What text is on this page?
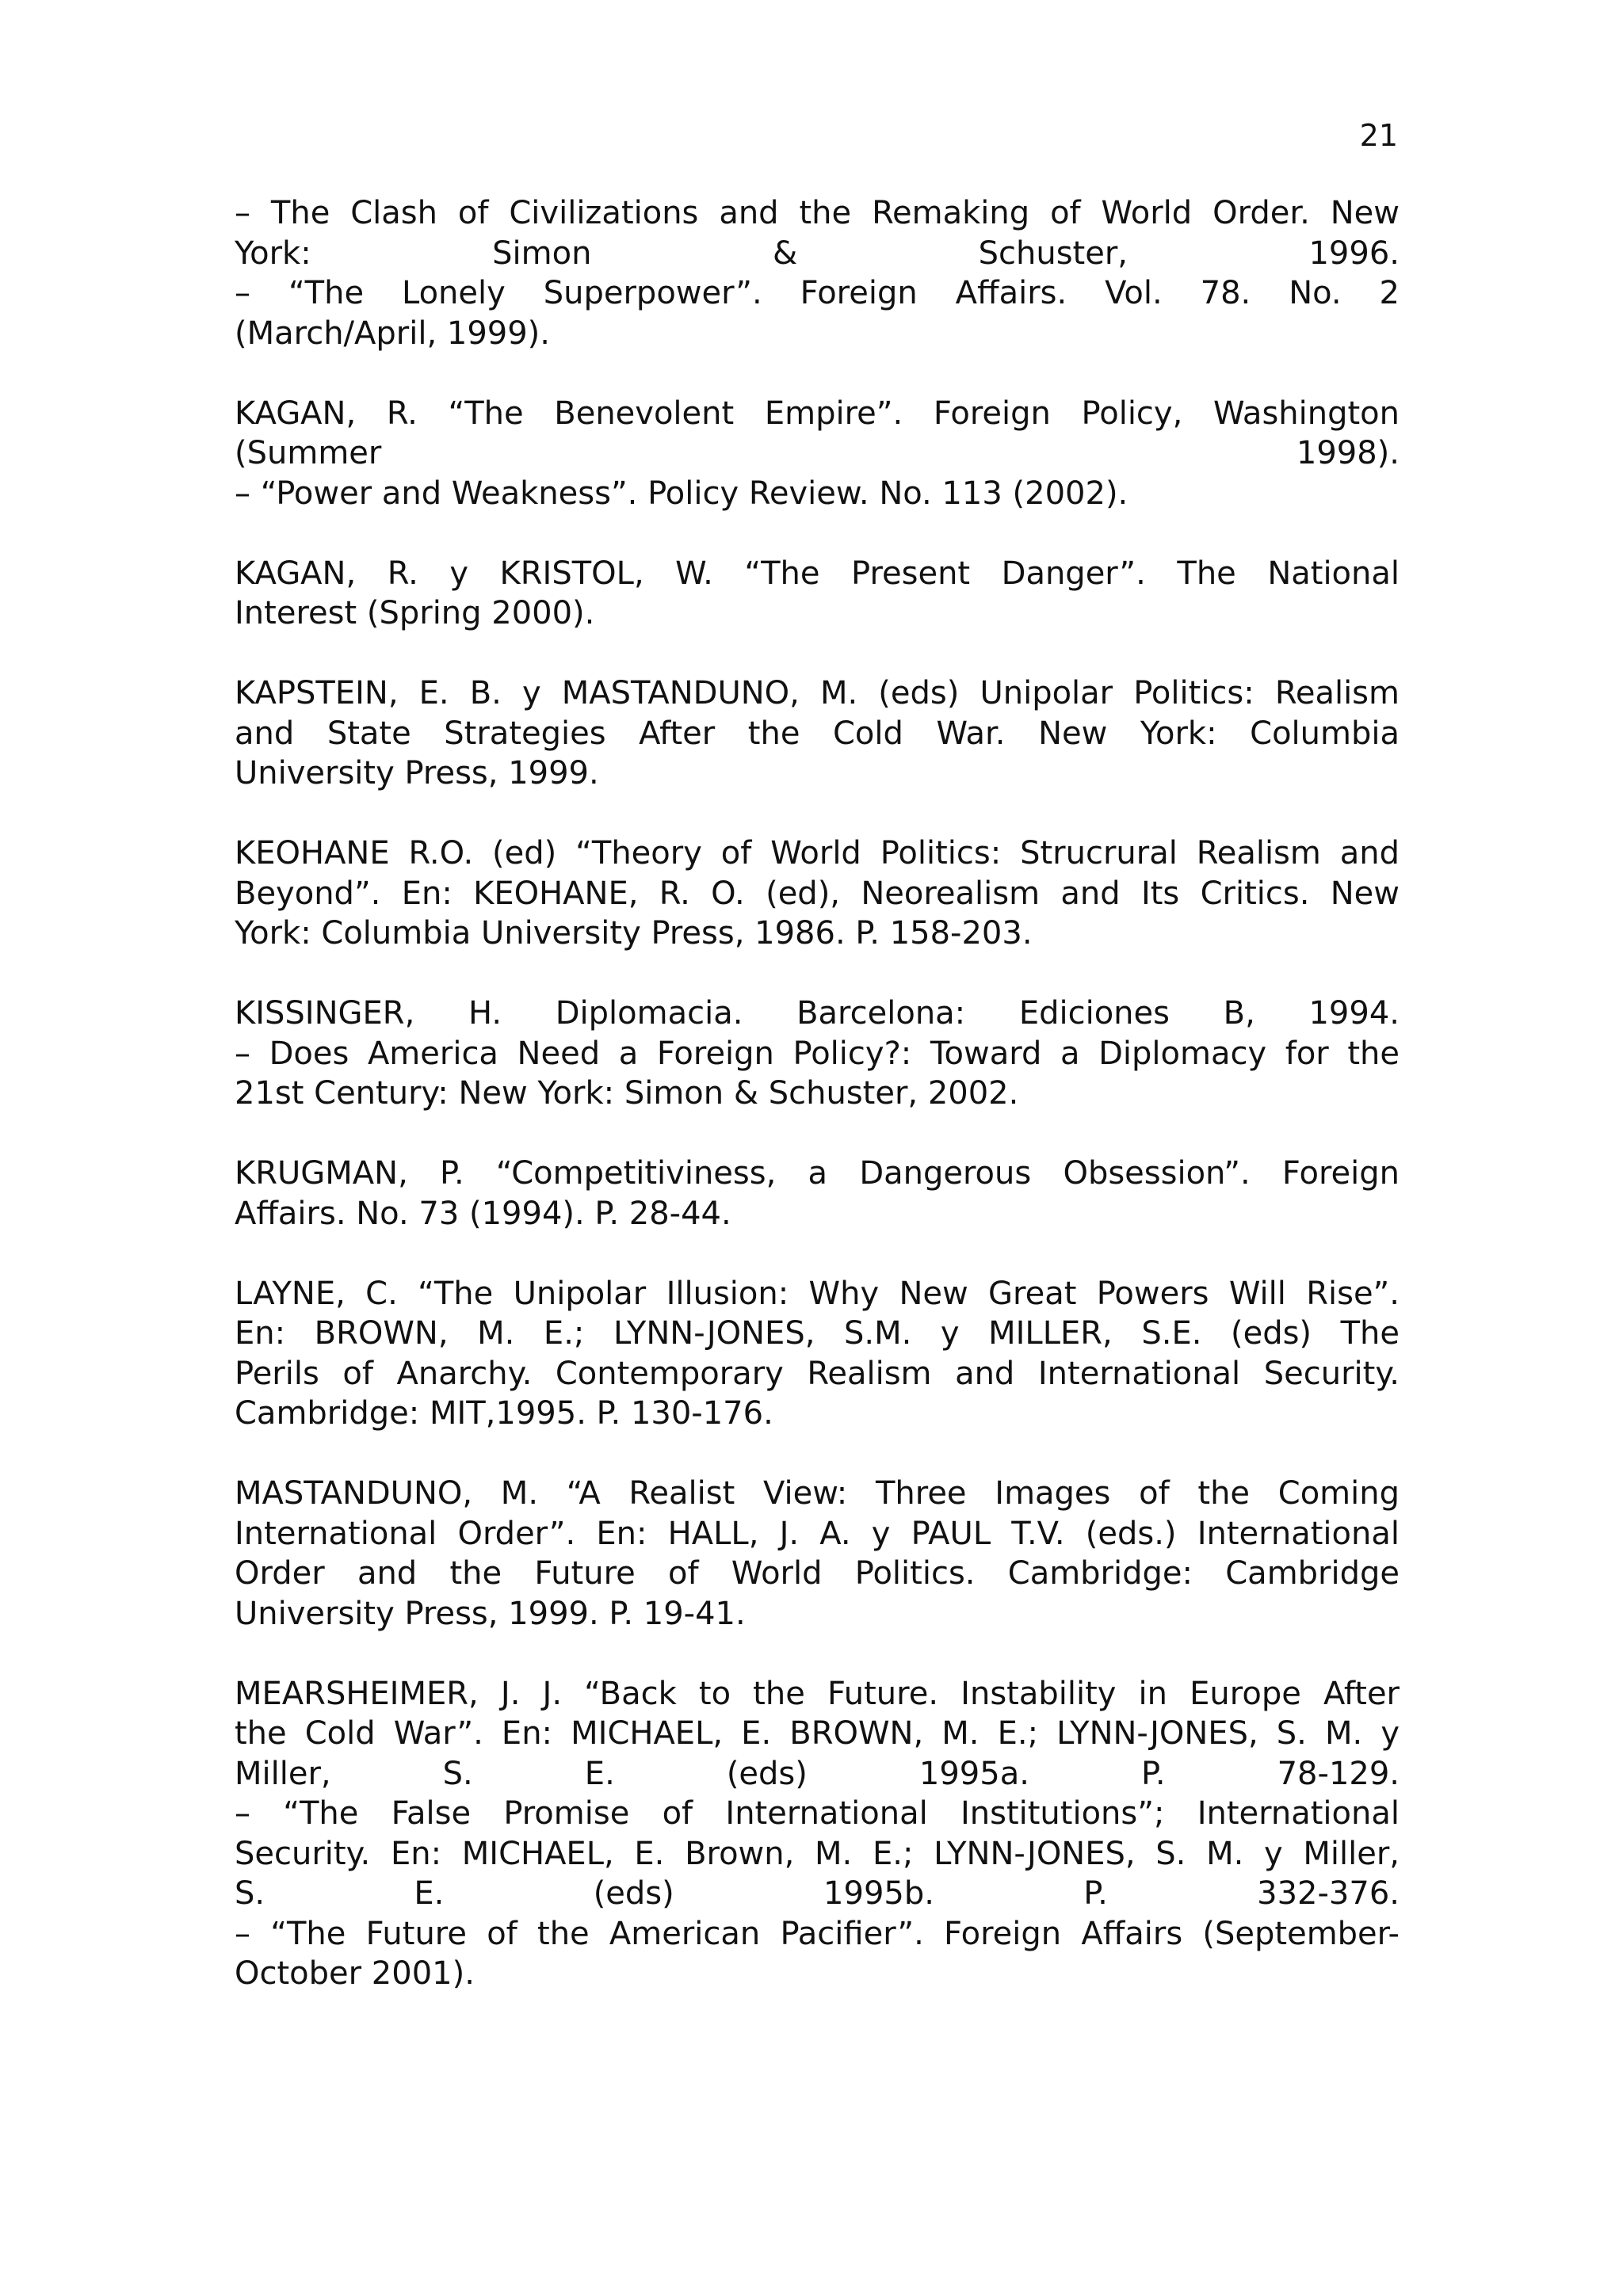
21
– The Clash of Civilizations and the Remaking of World Order. New
York: Simon & Schuster, 1996.
– “The Lonely Superpower”. Foreign Affairs. Vol. 78. No. 2
(March/April, 1999).
KAGAN, R. “The Benevolent Empire”. Foreign Policy, Washington
(Summer 1998).
– “Power and Weakness”. Policy Review. No. 113 (2002).
KAGAN, R. y KRISTOL, W. “The Present Danger”. The National
Interest (Spring 2000).
KAPSTEIN, E. B. y MASTANDUNO, M. (eds) Unipolar Politics: Realism
and State Strategies After the Cold War. New York: Columbia
University Press, 1999.
KEOHANE R.O. (ed) “Theory of World Politics: Strucrural Realism and
Beyond”. En: KEOHANE, R. O. (ed), Neorealism and Its Critics. New
York: Columbia University Press, 1986. P. 158-203.
KISSINGER, H. Diplomacia. Barcelona: Ediciones B, 1994.
– Does America Need a Foreign Policy?: Toward a Diplomacy for the
21st Century: New York: Simon & Schuster, 2002.
KRUGMAN, P. “Competitiviness, a Dangerous Obsession”. Foreign
Affairs. No. 73 (1994). P. 28-44.
LAYNE, C. “The Unipolar Illusion: Why New Great Powers Will Rise”.
En: BROWN, M. E.; LYNN-JONES, S.M. y MILLER, S.E. (eds) The
Perils of Anarchy. Contemporary Realism and International Security.
Cambridge: MIT,1995. P. 130-176.
MASTANDUNO, M. “A Realist View: Three Images of the Coming
International Order”. En: HALL, J. A. y PAUL T.V. (eds.) International
Order and the Future of World Politics. Cambridge: Cambridge
University Press, 1999. P. 19-41.
MEARSHEIMER, J. J. “Back to the Future. Instability in Europe After
the Cold War”. En: MICHAEL, E. BROWN, M. E.; LYNN-JONES, S. M. y
Miller, S. E. (eds) 1995a. P. 78-129.
– “The False Promise of International Institutions”; International
Security. En: MICHAEL, E. Brown, M. E.; LYNN-JONES, S. M. y Miller,
S. E. (eds) 1995b. P. 332-376.
– “The Future of the American Pacifier”. Foreign Affairs (September-
October 2001).
